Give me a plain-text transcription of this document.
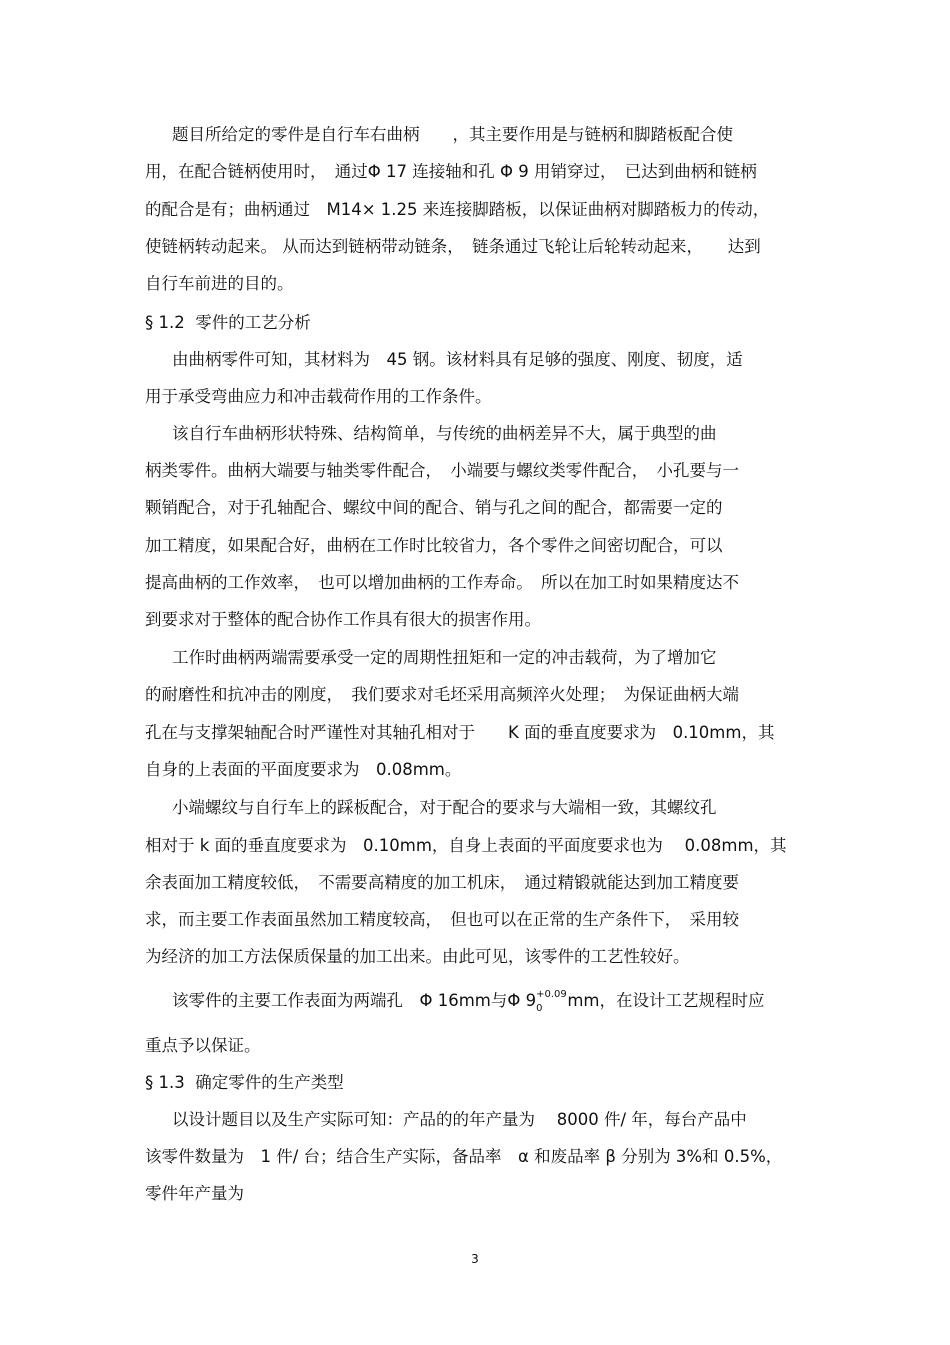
题目所给定的零件是自行车右曲柄　　，其主要作用是与链柄和脚踏板配合使
用，在配合链柄使用时，　通过Φ 17 连接轴和孔 Φ 9 用销穿过，　已达到曲柄和链柄
的配合是有；曲柄通过　M14× 1.25 来连接脚踏板，以保证曲柄对脚踏板力的传动，
使链柄转动起来。 从而达到链柄带动链条，　链条通过飞轮让后轮转动起来，　　达到
自行车前进的目的。
§ 1.2  零件的工艺分析
由曲柄零件可知，其材料为　45 钢。该材料具有足够的强度、刚度、韧度，适
用于承受弯曲应力和冲击载荷作用的工作条件。
该自行车曲柄形状特殊、结构简单，与传统的曲柄差异不大，属于典型的曲
柄类零件。曲柄大端要与轴类零件配合，　小端要与螺纹类零件配合，　小孔要与一
颗销配合，对于孔轴配合、螺纹中间的配合、销与孔之间的配合，都需要一定的
加工精度，如果配合好，曲柄在工作时比较省力，各个零件之间密切配合，可以
提高曲柄的工作效率，　也可以增加曲柄的工作寿命。　所以在加工时如果精度达不
到要求对于整体的配合协作工作具有很大的损害作用。
工作时曲柄两端需要承受一定的周期性扭矩和一定的冲击载荷，为了增加它
的耐磨性和抗冲击的刚度，　我们要求对毛坯采用高频淬火处理；　为保证曲柄大端
孔在与支撑架轴配合时严谨性对其轴孔相对于　　K 面的垂直度要求为　0.10mm，其
自身的上表面的平面度要求为　0.08mm。
小端螺纹与自行车上的踩板配合，对于配合的要求与大端相一致，其螺纹孔
相对于 k 面的垂直度要求为　0.10mm，自身上表面的平面度要求也为　 0.08mm，其
余表面加工精度较低，　不需要高精度的加工机床，　通过精锻就能达到加工精度要
求，而主要工作表面虽然加工精度较高，　但也可以在正常的生产条件下，　采用较
为经济的加工方法保质保量的加工出来。由此可见，该零件的工艺性较好。
该零件的主要工作表面为两端孔　Φ 16mm与Φ 9 +0.09
0 mm，在设计工艺规程时应
重点予以保证。
§ 1.3  确定零件的生产类型
以设计题目以及生产实际可知：产品的的年产量为　 8000 件/ 年，每台产品中
该零件数量为　1 件/ 台；结合生产实际，备品率　α 和废品率 β 分别为 3%和 0.5%，
零件年产量为
3
